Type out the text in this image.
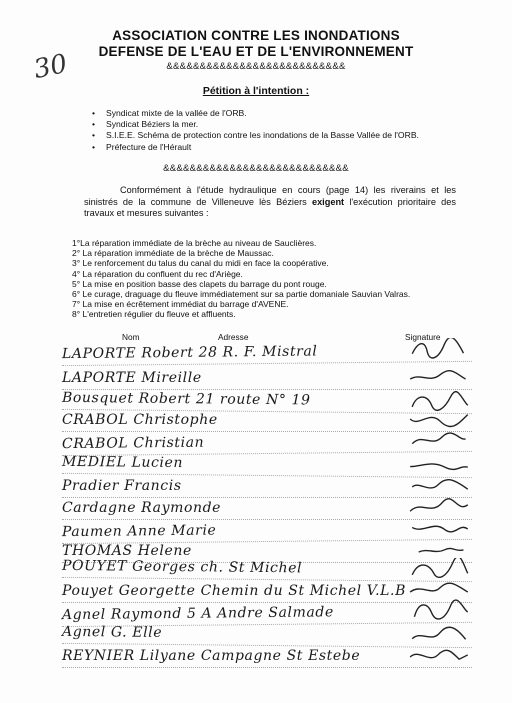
30
ASSOCIATION CONTRE LES INONDATIONS
DEFENSE DE L'EAU ET DE L'ENVIRONNEMENT
&&&&&&&&&&&&&&&&&&&&&&&&&&&
Pétition à l'intention :
• Syndicat mixte de la vallée de l'ORB.
• Syndicat Béziers la mer.
• S.I.E.E. Schéma de protection contre les inondations de la Basse Vallée de l'ORB.
• Préfecture de l'Hérault
&&&&&&&&&&&&&&&&&&&&&&&&&&&&
Conformément à l'étude hydraulique en cours (page 14) les riverains et les sinistrés de la commune de Villeneuve lès Béziers exigent l'exécution prioritaire des travaux et mesures suivantes :
1°La réparation immédiate de la brèche au niveau de Sauclières.
2° La réparation immédiate de la brèche de Maussac.
3° Le renforcement du talus du canal du midi en face la coopérative.
4° La réparation du confluent du rec d'Ariège.
5° La mise en position basse des clapets du barrage du pont rouge.
6° Le curage, draguage du fleuve immédiatement sur sa partie domaniale Sauvian Valras.
7° La mise en écrêtement immédiat du barrage d'AVENE.
8° L'entretien régulier du fleuve et affluents.
Nom	Adresse	Signature
LAPORTE Robert 28 R. F. Mistral
LAPORTE Mireille
Bousquet Robert 21 route N° 19
CRABOL Christophe
CRABOL Christian
MEDIEL Lucien
Pradier Francis
Cardagne Raymonde
Paumen Anne Marie
THOMAS Helene
POUYET Georges ch. St Michel
Pouyet Georgette Chemin du St Michel V.L.B
Agnel Raymond 5 A Andre Salmade
Agnel G. Elle
REYNIER Lilyane Campagne St Estebe
